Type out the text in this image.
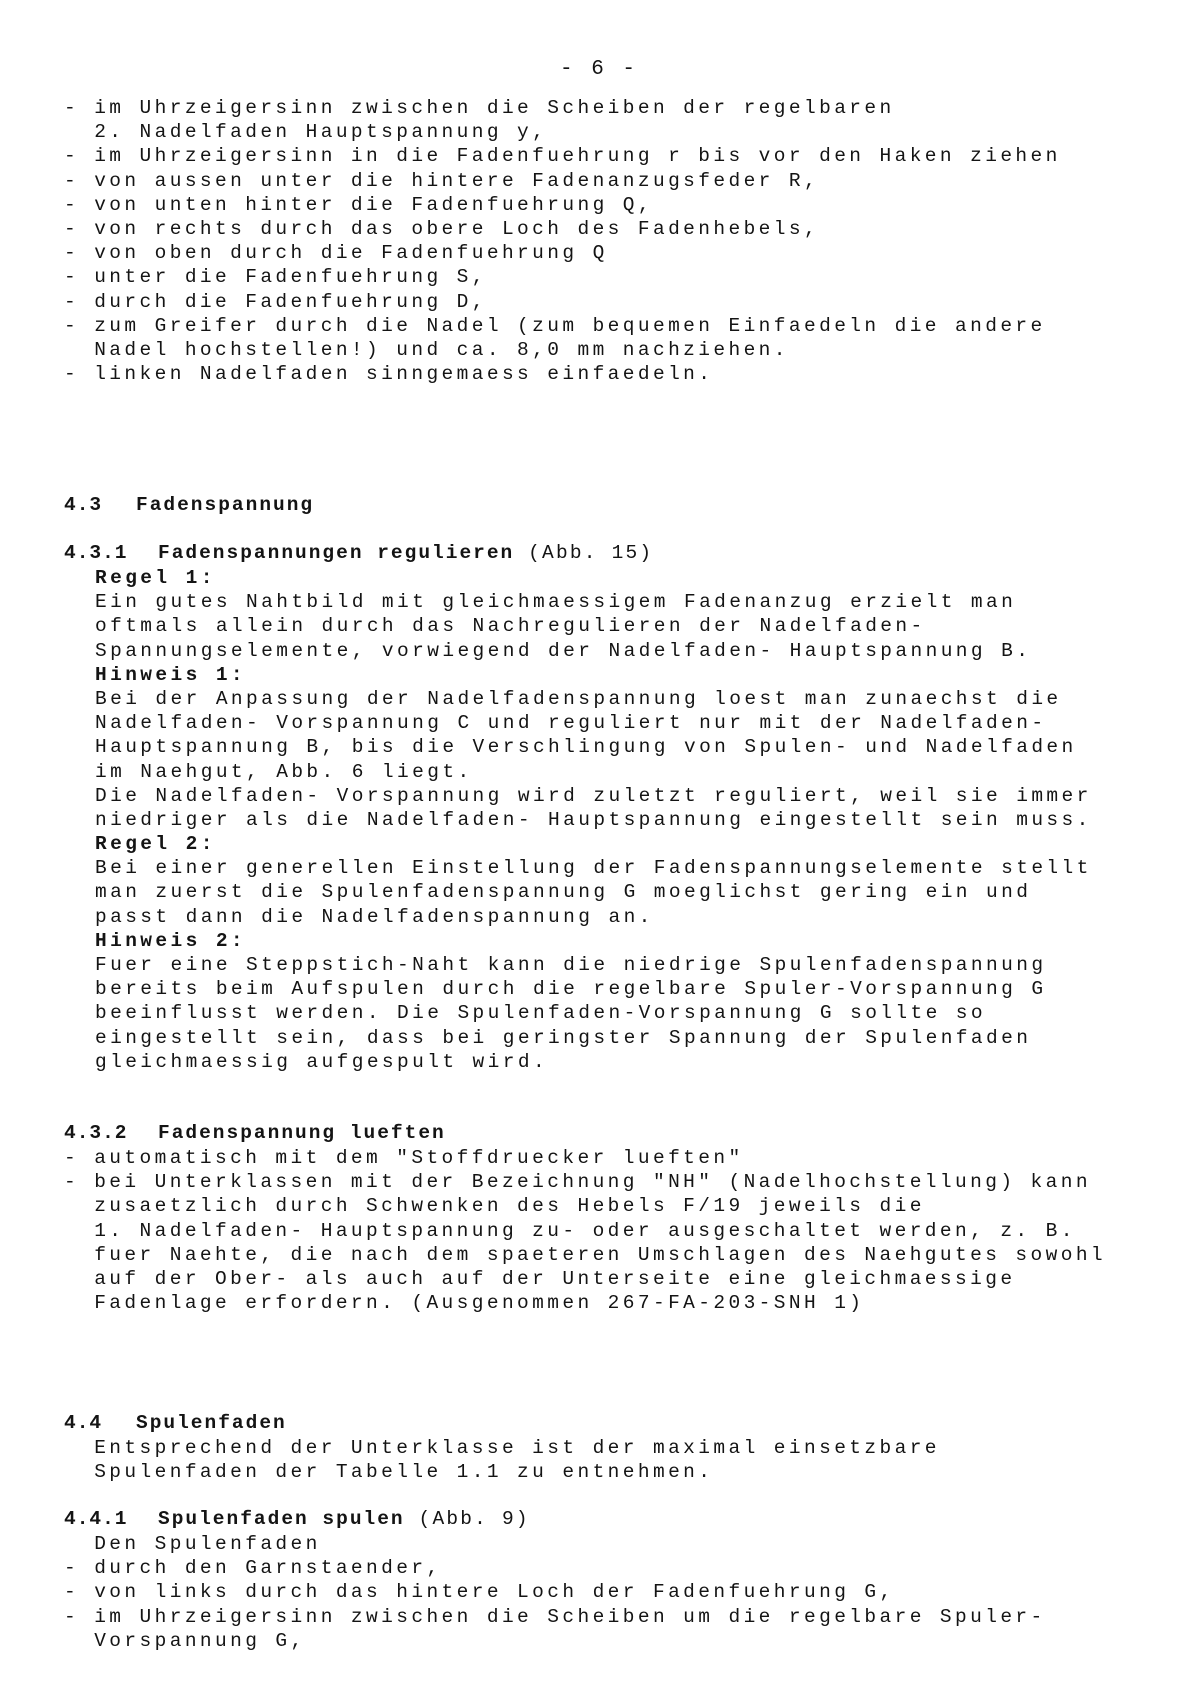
- 6 -
- im Uhrzeigersinn zwischen die Scheiben der regelbaren
2. Nadelfaden Hauptspannung y,
- im Uhrzeigersinn in die Fadenfuehrung r bis vor den Haken ziehen
- von aussen unter die hintere Fadenanzugsfeder R,
- von unten hinter die Fadenfuehrung Q,
- von rechts durch das obere Loch des Fadenhebels,
- von oben durch die Fadenfuehrung Q
- unter die Fadenfuehrung S,
- durch die Fadenfuehrung D,
- zum Greifer durch die Nadel (zum bequemen Einfaedeln die andere
Nadel hochstellen!) und ca. 8,0 mm nachziehen.
- linken Nadelfaden sinngemaess einfaedeln.
4.3 Fadenspannung
4.3.1 Fadenspannungen regulieren (Abb. 15)
Regel 1:
Ein gutes Nahtbild mit gleichmaessigem Fadenanzug erzielt man
oftmals allein durch das Nachregulieren der Nadelfaden-
Spannungselemente, vorwiegend der Nadelfaden- Hauptspannung B.
Hinweis 1:
Bei der Anpassung der Nadelfadenspannung loest man zunaechst die
Nadelfaden- Vorspannung C und reguliert nur mit der Nadelfaden-
Hauptspannung B, bis die Verschlingung von Spulen- und Nadelfaden
im Naehgut, Abb. 6 liegt.
Die Nadelfaden- Vorspannung wird zuletzt reguliert, weil sie immer
niedriger als die Nadelfaden- Hauptspannung eingestellt sein muss.
Regel 2:
Bei einer generellen Einstellung der Fadenspannungselemente stellt
man zuerst die Spulenfadenspannung G moeglichst gering ein und
passt dann die Nadelfadenspannung an.
Hinweis 2:
Fuer eine Steppstich-Naht kann die niedrige Spulenfadenspannung
bereits beim Aufspulen durch die regelbare Spuler-Vorspannung G
beeinflusst werden. Die Spulenfaden-Vorspannung G sollte so
eingestellt sein, dass bei geringster Spannung der Spulenfaden
gleichmaessig aufgespult wird.
4.3.2 Fadenspannung lueften
- automatisch mit dem "Stoffdruecker lueften"
- bei Unterklassen mit der Bezeichnung "NH" (Nadelhochstellung) kann
zusaetzlich durch Schwenken des Hebels F/19 jeweils die
1. Nadelfaden- Hauptspannung zu- oder ausgeschaltet werden, z. B.
fuer Naehte, die nach dem spaeteren Umschlagen des Naehgutes sowohl
auf der Ober- als auch auf der Unterseite eine gleichmaessige
Fadenlage erfordern. (Ausgenommen 267-FA-203-SNH 1)
4.4 Spulenfaden
Entsprechend der Unterklasse ist der maximal einsetzbare
Spulenfaden der Tabelle 1.1 zu entnehmen.
4.4.1 Spulenfaden spulen (Abb. 9)
Den Spulenfaden
- durch den Garnstaender,
- von links durch das hintere Loch der Fadenfuehrung G,
- im Uhrzeigersinn zwischen die Scheiben um die regelbare Spuler-
Vorspannung G,
